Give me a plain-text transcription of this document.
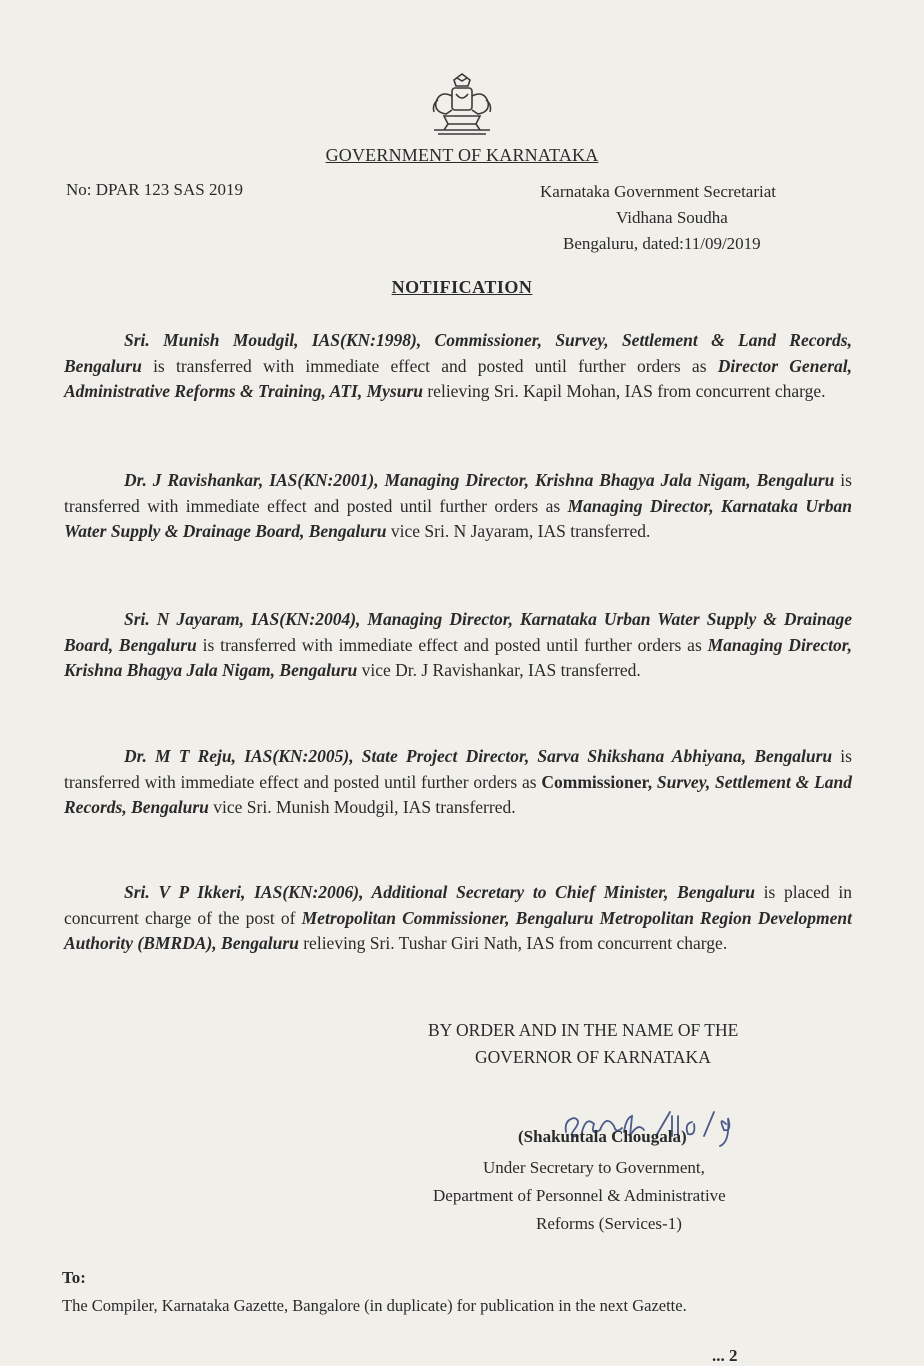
GOVERNMENT OF KARNATAKA
No: DPAR 123 SAS 2019	Karnataka Government Secretariat
Vidhana Soudha
Bengaluru, dated:11/09/2019
NOTIFICATION
Sri. Munish Moudgil, IAS(KN:1998), Commissioner, Survey, Settlement & Land Records, Bengaluru is transferred with immediate effect and posted until further orders as Director General, Administrative Reforms & Training, ATI, Mysuru relieving Sri. Kapil Mohan, IAS from concurrent charge.
Dr. J Ravishankar, IAS(KN:2001), Managing Director, Krishna Bhagya Jala Nigam, Bengaluru is transferred with immediate effect and posted until further orders as Managing Director, Karnataka Urban Water Supply & Drainage Board, Bengaluru vice Sri. N Jayaram, IAS transferred.
Sri. N Jayaram, IAS(KN:2004), Managing Director, Karnataka Urban Water Supply & Drainage Board, Bengaluru is transferred with immediate effect and posted until further orders as Managing Director, Krishna Bhagya Jala Nigam, Bengaluru vice Dr. J Ravishankar, IAS transferred.
Dr. M T Reju, IAS(KN:2005), State Project Director, Sarva Shikshana Abhiyana, Bengaluru is transferred with immediate effect and posted until further orders as Commissioner, Survey, Settlement & Land Records, Bengaluru vice Sri. Munish Moudgil, IAS transferred.
Sri. V P Ikkeri, IAS(KN:2006), Additional Secretary to Chief Minister, Bengaluru is placed in concurrent charge of the post of Metropolitan Commissioner, Bengaluru Metropolitan Region Development Authority (BMRDA), Bengaluru relieving Sri. Tushar Giri Nath, IAS from concurrent charge.
BY ORDER AND IN THE NAME OF THE
GOVERNOR OF KARNATAKA
(Shakuntala Chougala)
Under Secretary to Government,
Department of Personnel & Administrative
Reforms (Services-1)
To:
The Compiler, Karnataka Gazette, Bangalore (in duplicate) for publication in the next Gazette.
... 2
